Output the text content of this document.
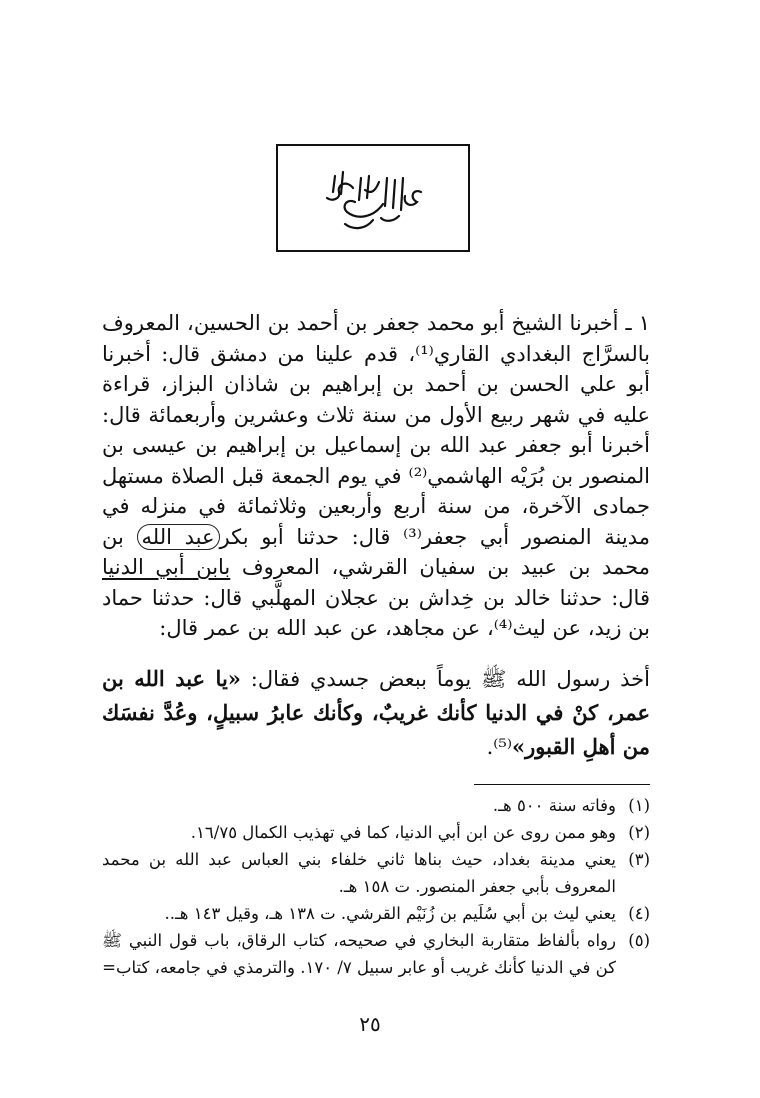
١ ـ أخبرنا الشيخ أبو محمد جعفر بن أحمد بن الحسين، المعروف بالسرَّاج البغدادي القاري⁽¹⁾، قدم علينا من دمشق قال: أخبرنا أبو علي الحسن بن أحمد بن إبراهيم بن شاذان البزاز، قراءة عليه في شهر ربيع الأول من سنة ثلاث وعشرين وأربعمائة قال: أخبرنا أبو جعفر عبد الله بن إسماعيل بن إبراهيم بن عيسى بن المنصور بن بُرَيْه الهاشمي⁽²⁾ في يوم الجمعة قبل الصلاة مستهل جمادى الآخرة، من سنة أربع وأربعين وثلاثمائة في منزله في مدينة المنصور أبي جعفر⁽³⁾ قال: حدثنا أبو بكرعبد الله بن محمد بن عبيد بن سفيان القرشي، المعروف بابن أبي الدنيا قال: حدثنا خالد بن خِداش بن عجلان المهلَّبي قال: حدثنا حماد بن زيد، عن ليث⁽⁴⁾، عن مجاهد، عن عبد الله بن عمر قال:

أخذ رسول الله ﷺ يوماً ببعض جسدي فقال: «يا عبد الله بن عمر، كنْ في الدنيا كأنك غريبٌ، وكأنك عابرُ سبيلٍ، وعُدَّ نفسَك من أهلِ القبور»⁽⁵⁾.

(١)
وفاته سنة ٥٠٠ هـ.
(٢)
وهو ممن روى عن ابن أبي الدنيا، كما في تهذيب الكمال ١٦/٧٥.
(٣)
يعني مدينة بغداد، حيث بناها ثاني خلفاء بني العباس عبد الله بن محمد المعروف بأبي جعفر المنصور. ت ١٥٨ هـ.
(٤)
يعني ليث بن أبي سُلَيم بن زُنَيْم القرشي. ت ١٣٨ هـ، وقيل ١٤٣ هـ..
(٥)
رواه بألفاظ متقاربة البخاري في صحيحه، كتاب الرقاق، باب قول النبي ﷺ كن في الدنيا كأنك غريب أو عابر سبيل ٧/ ١٧٠. والترمذي في جامعه، كتاب=
٢٥
